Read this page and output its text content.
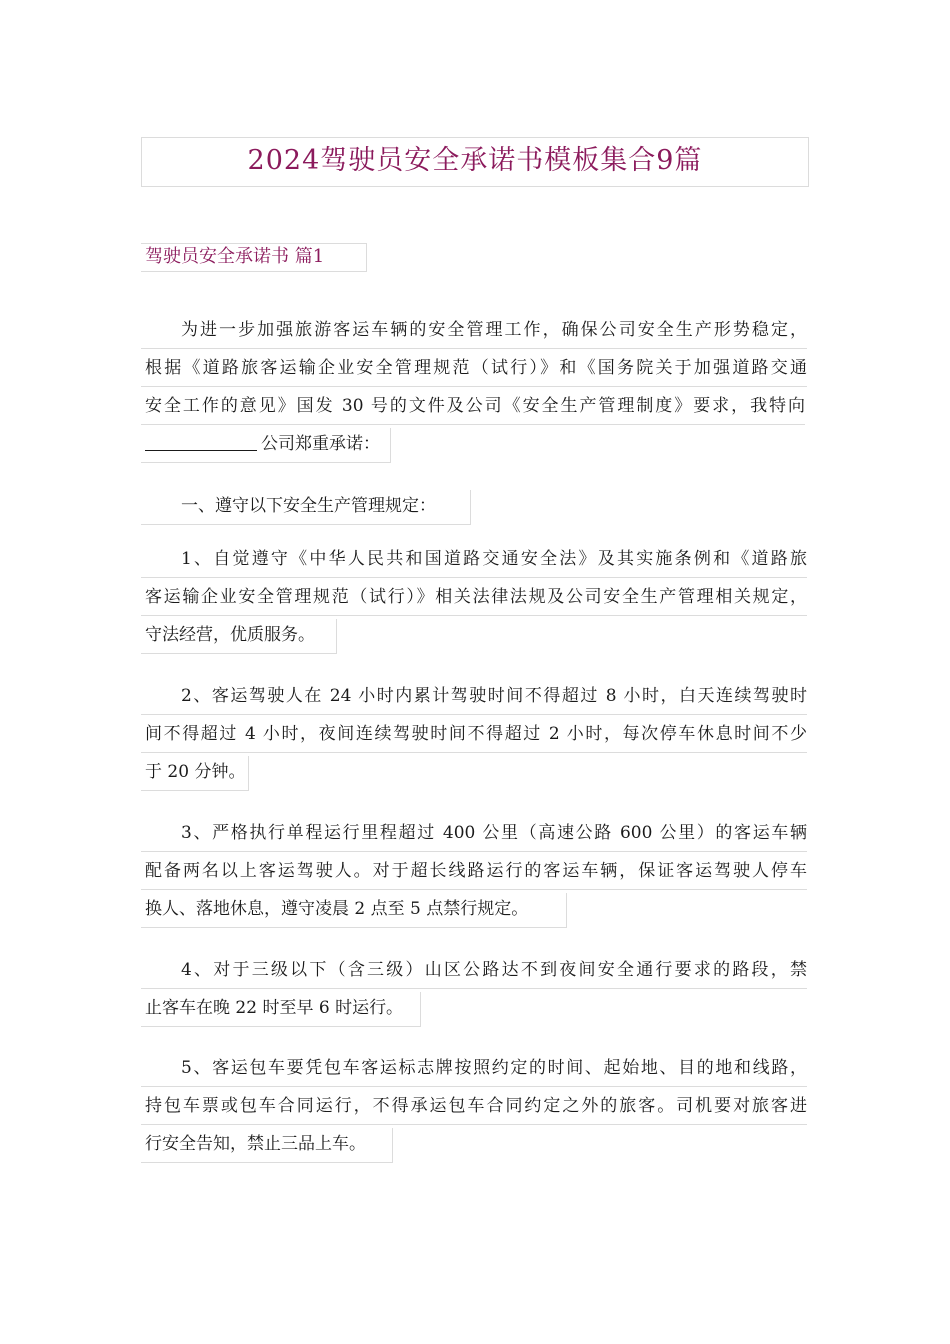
2024驾驶员安全承诺书模板集合9篇
驾驶员安全承诺书 篇1
为进一步加强旅游客运车辆的安全管理工作，确保公司安全生产形势稳定，
根据《道路旅客运输企业安全管理规范（试行）》和《国务院关于加强道路交通
安全工作的意见》国发 30 号的文件及公司《安全生产管理制度》要求，我特向
公司郑重承诺：
一、遵守以下安全生产管理规定：
1、自觉遵守《中华人民共和国道路交通安全法》及其实施条例和《道路旅
客运输企业安全管理规范（试行）》相关法律法规及公司安全生产管理相关规定，
守法经营，优质服务。
2、客运驾驶人在 24 小时内累计驾驶时间不得超过 8 小时，白天连续驾驶时
间不得超过 4 小时，夜间连续驾驶时间不得超过 2 小时，每次停车休息时间不少
于 20 分钟。
3、严格执行单程运行里程超过 400 公里（高速公路 600 公里）的客运车辆
配备两名以上客运驾驶人。对于超长线路运行的客运车辆，保证客运驾驶人停车
换人、落地休息，遵守凌晨 2 点至 5 点禁行规定。
4、对于三级以下（含三级）山区公路达不到夜间安全通行要求的路段，禁
止客车在晚 22 时至早 6 时运行。
5、客运包车要凭包车客运标志牌按照约定的时间、起始地、目的地和线路，
持包车票或包车合同运行，不得承运包车合同约定之外的旅客。司机要对旅客进
行安全告知，禁止三品上车。
